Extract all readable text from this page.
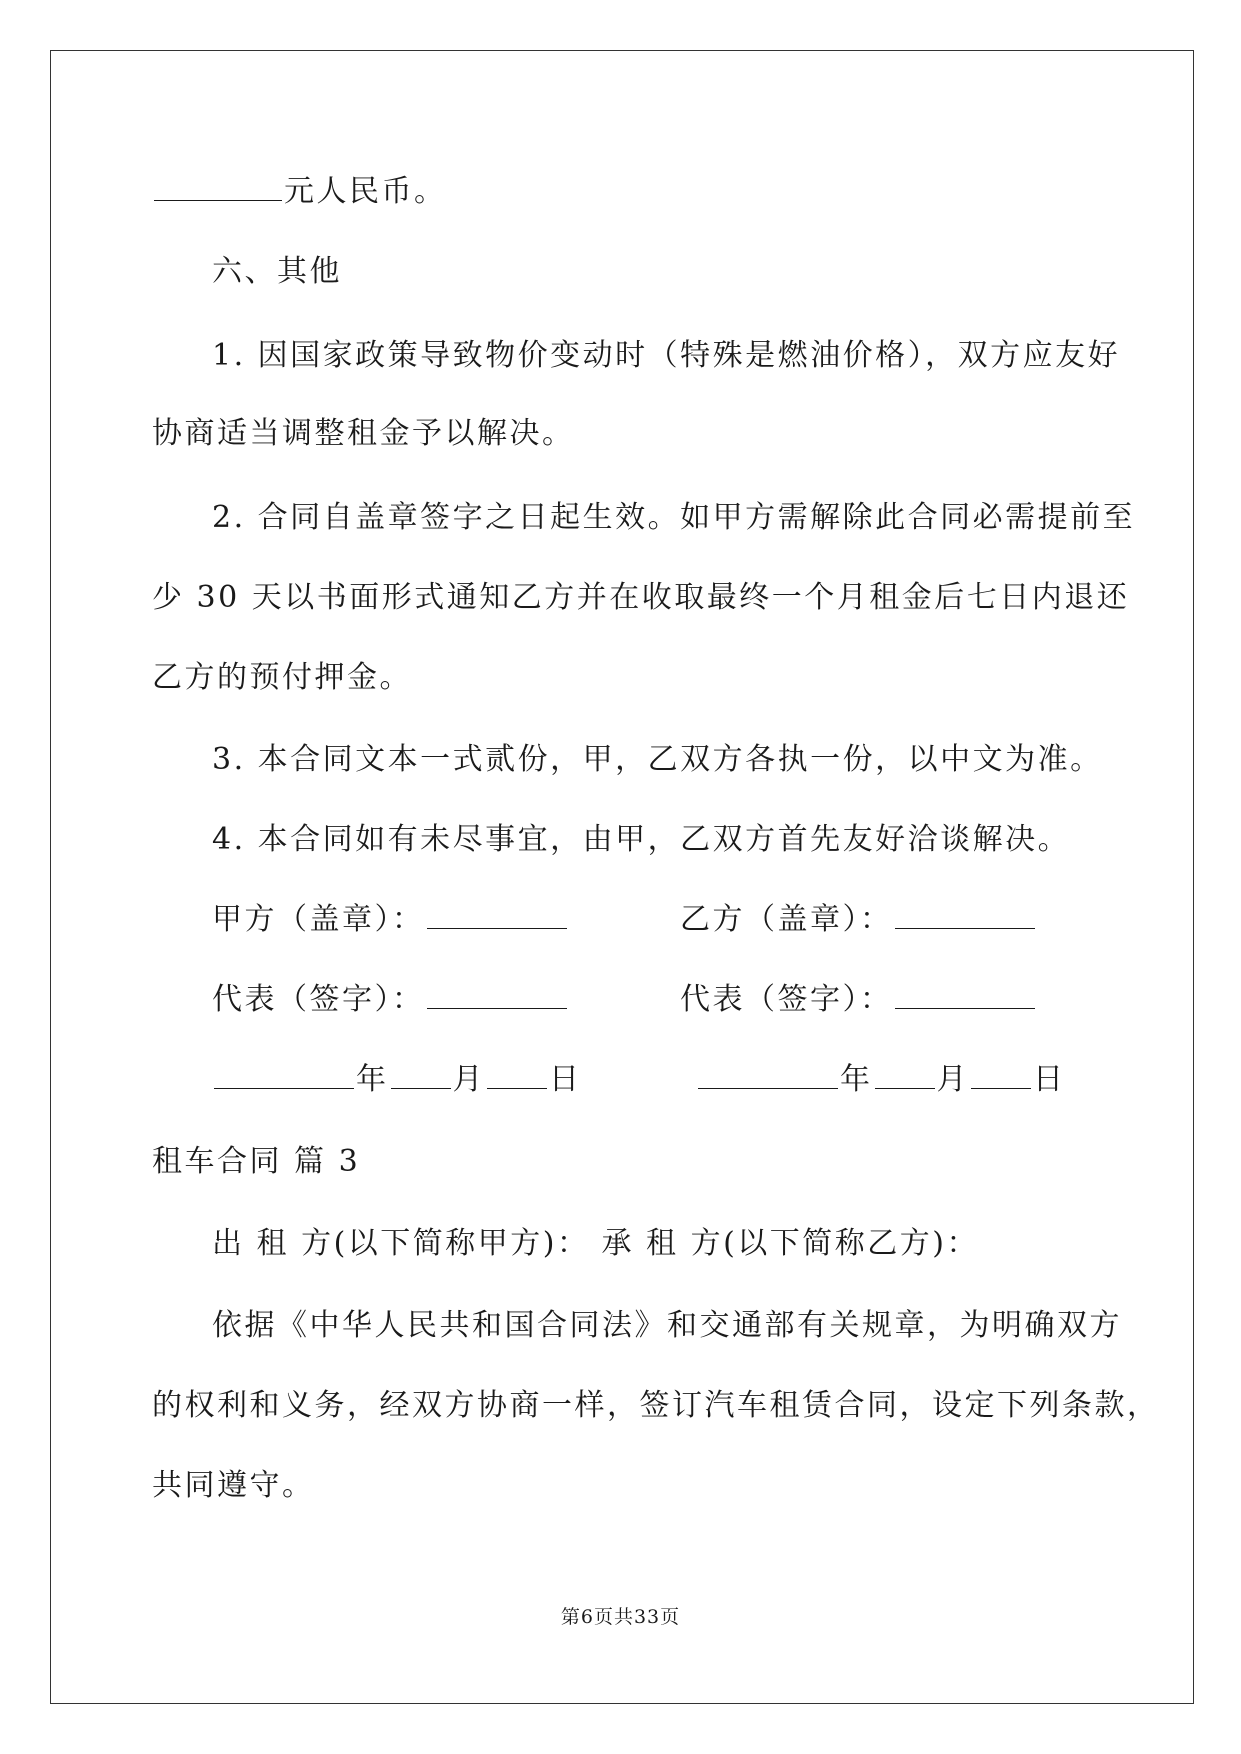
元人民币。
六、其他
1. 因国家政策导致物价变动时（特殊是燃油价格），双方应友好
协商适当调整租金予以解决。
2. 合同自盖章签字之日起生效。如甲方需解除此合同必需提前至
少 30 天以书面形式通知乙方并在收取最终一个月租金后七日内退还
乙方的预付押金。
3. 本合同文本一式贰份，甲，乙双方各执一份，以中文为准。
4. 本合同如有未尽事宜，由甲，乙双方首先友好洽谈解决。
甲方（盖章）：	乙方（盖章）：
代表（签字）：	代表（签字）：
年 月 日	年 月 日
租车合同 篇 3
出 租 方(以下简称甲方)： 承 租 方(以下简称乙方)：
依据《中华人民共和国合同法》和交通部有关规章，为明确双方
的权利和义务，经双方协商一样，签订汽车租赁合同，设定下列条款，
共同遵守。
第6页共33页
